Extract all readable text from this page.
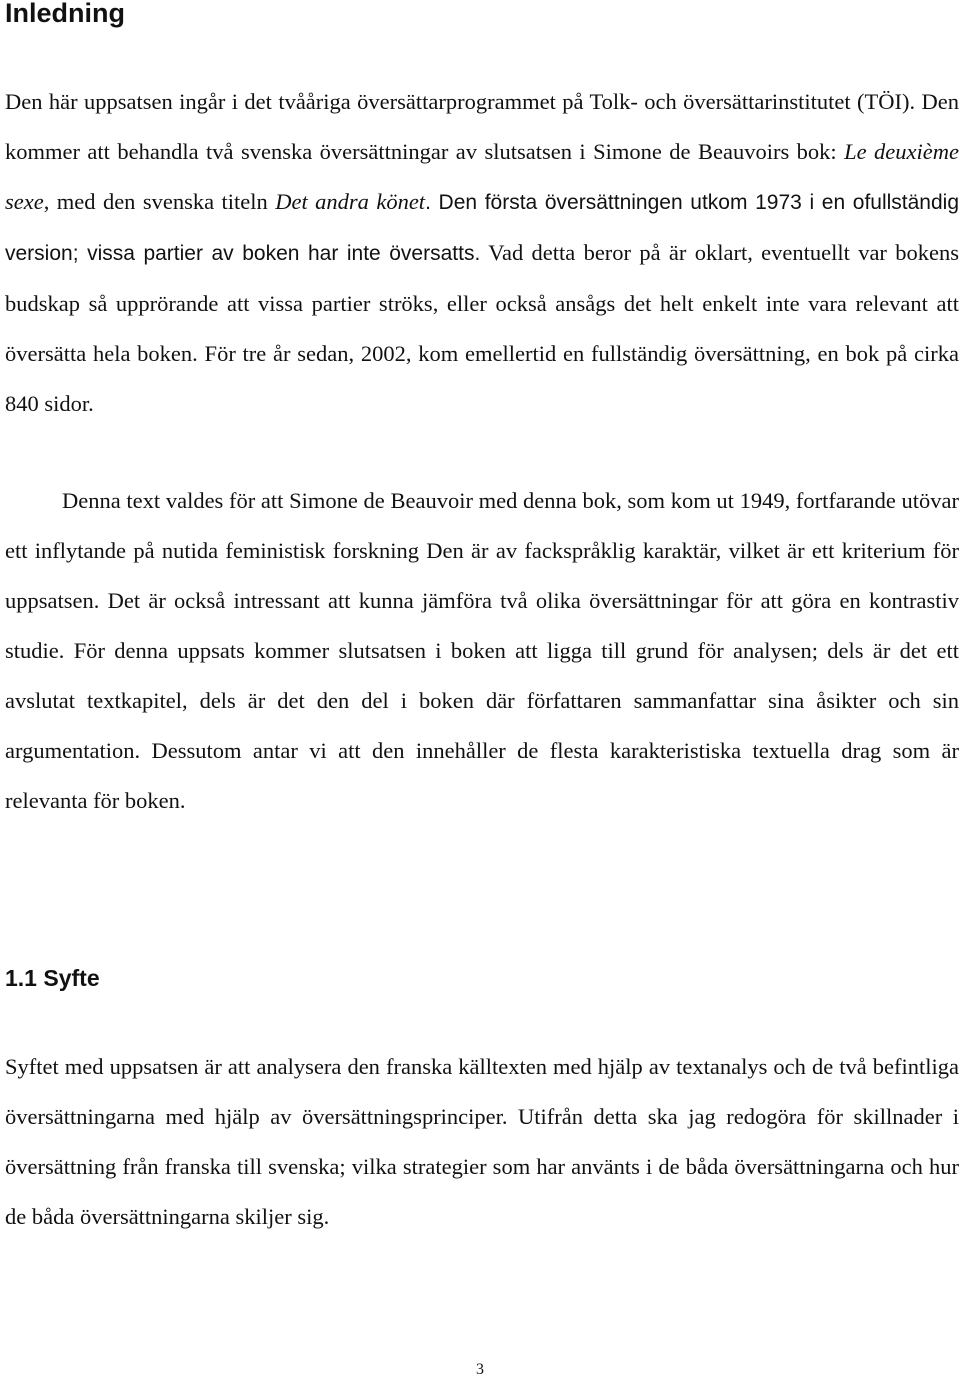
Inledning

Den här uppsatsen ingår i det tvååriga översättarprogrammet på Tolk- och översättarinstitutet (TÖI). Den kommer att behandla två svenska översättningar av slutsatsen i Simone de Beauvoirs bok: Le deuxième sexe, med den svenska titeln Det andra könet. Den första översättningen utkom 1973 i en ofullständig version; vissa partier av boken har inte översatts. Vad detta beror på är oklart, eventuellt var bokens budskap så upprörande att vissa partier ströks, eller också ansågs det helt enkelt inte vara relevant att översätta hela boken. För tre år sedan, 2002, kom emellertid en fullständig översättning, en bok på cirka 840 sidor.

Denna text valdes för att Simone de Beauvoir med denna bok, som kom ut 1949, fortfarande utövar ett inflytande på nutida feministisk forskning Den är av fackspråklig karaktär, vilket är ett kriterium för uppsatsen. Det är också intressant att kunna jämföra två olika översättningar för att göra en kontrastiv studie. För denna uppsats kommer slutsatsen i boken att ligga till grund för analysen; dels är det ett avslutat textkapitel, dels är det den del i boken där författaren sammanfattar sina åsikter och sin argumentation. Dessutom antar vi att den innehåller de flesta karakteristiska textuella drag som är relevanta för boken.

1.1 Syfte

Syftet med uppsatsen är att analysera den franska källtexten med hjälp av textanalys och de två befintliga översättningarna med hjälp av översättningsprinciper. Utifrån detta ska jag redogöra för skillnader i översättning från franska till svenska; vilka strategier som har använts i de båda översättningarna och hur de båda översättningarna skiljer sig.

3
